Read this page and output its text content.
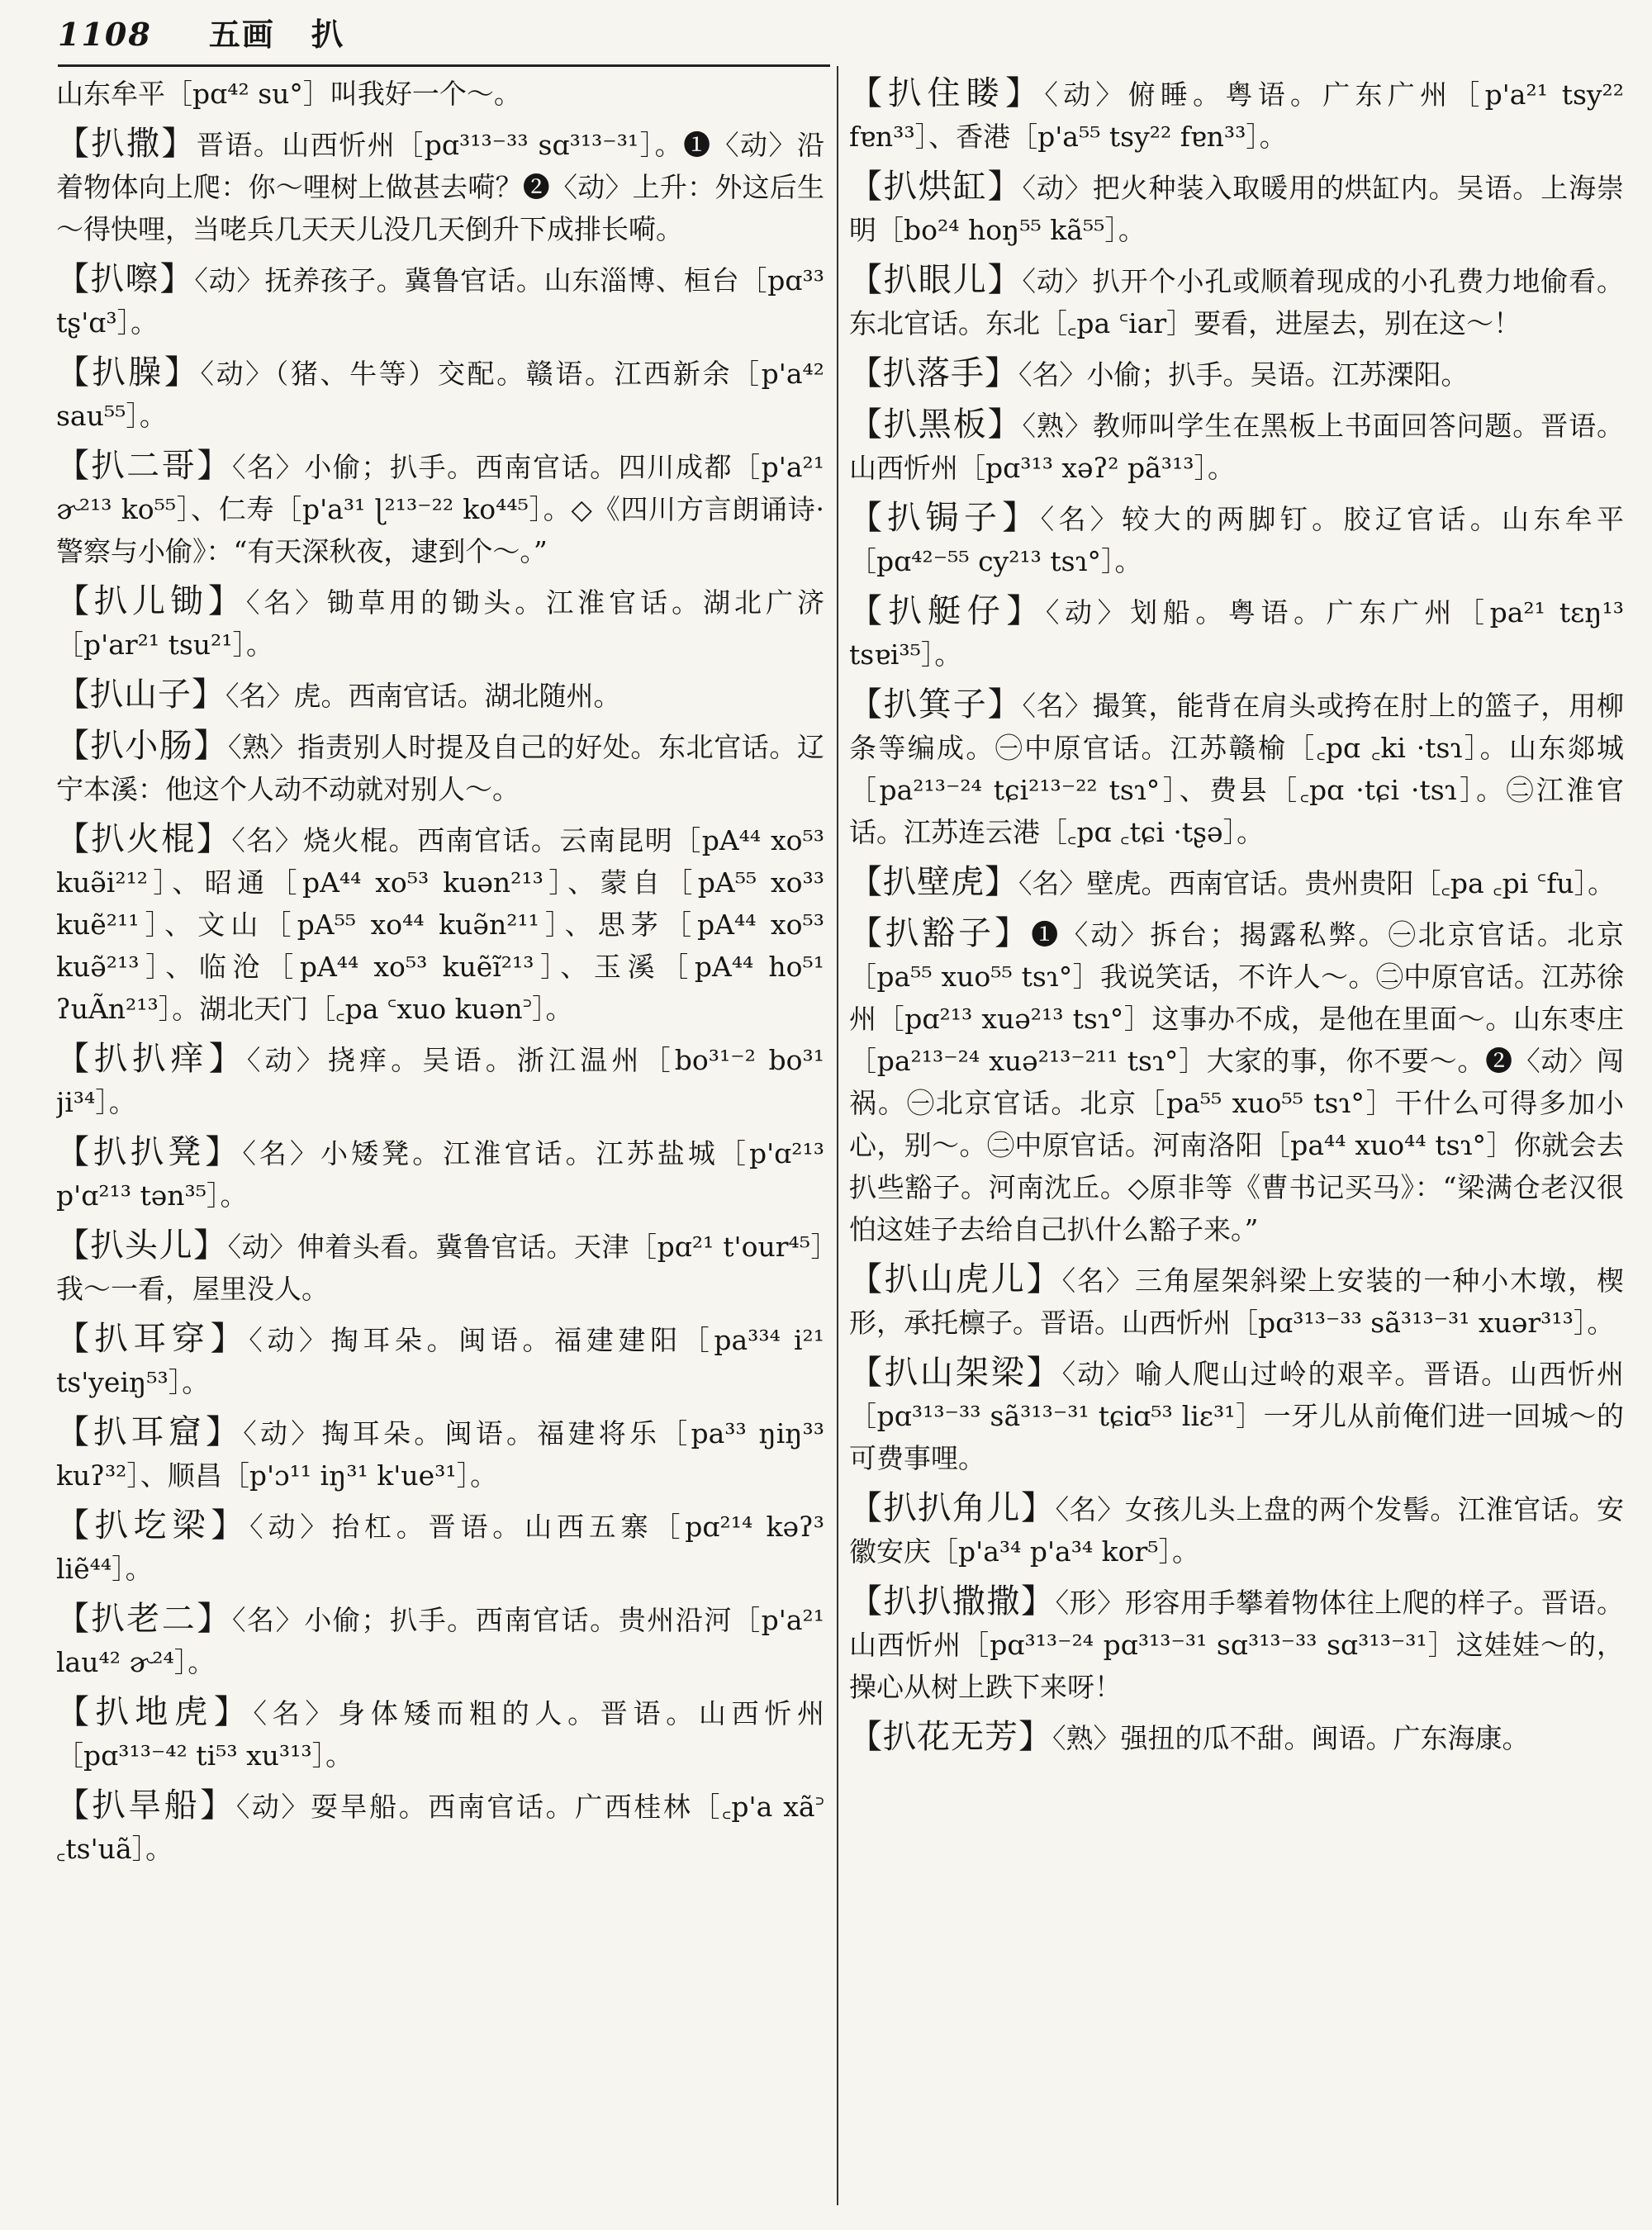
1108 五画 扒
山东牟平［pɑ⁴² su°］叫我好一个～。
【扒撒】晋语。山西忻州［pɑ³¹³⁻³³ sɑ³¹³⁻³¹］。❶〈动〉沿着物体向上爬：你～哩树上做甚去嗬？❷〈动〉上升：外这后生～得快哩，当咾兵几天天儿没几天倒升下成排长嗬。
【扒嚓】〈动〉抚养孩子。冀鲁官话。山东淄博、桓台［pɑ³³ tʂ'ɑ³］。
【扒臊】〈动〉（猪、牛等）交配。赣语。江西新余［p'a⁴² sau⁵⁵］。
【扒二哥】〈名〉小偷；扒手。西南官话。四川成都［p'a²¹ ɚ²¹³ ko⁵⁵］、仁寿［p'a³¹ ɭ²¹³⁻²² ko⁴⁴⁵］。◇《四川方言朗诵诗·警察与小偷》：“有天深秋夜，逮到个～。”
【扒儿锄】〈名〉锄草用的锄头。江淮官话。湖北广济［p'ar²¹ tsu²¹］。
【扒山子】〈名〉虎。西南官话。湖北随州。
【扒小肠】〈熟〉指责别人时提及自己的好处。东北官话。辽宁本溪：他这个人动不动就对别人～。
【扒火棍】〈名〉烧火棍。西南官话。云南昆明［pA⁴⁴ xo⁵³ kuə̃i²¹²］、昭通［pA⁴⁴ xo⁵³ kuən²¹³］、蒙自［pA⁵⁵ xo³³ kuẽ²¹¹］、文山［pA⁵⁵ xo⁴⁴ kuə̃n²¹¹］、思茅［pA⁴⁴ xo⁵³ kuə̃²¹³］、临沧［pA⁴⁴ xo⁵³ kuẽĩ²¹³］、玉溪［pA⁴⁴ ho⁵¹ ʔuÃn²¹³］。湖北天门［꜀pa ꜂xuo kuən꜄］。
【扒扒痒】〈动〉挠痒。吴语。浙江温州［bo³¹⁻² bo³¹ ji³⁴］。
【扒扒凳】〈名〉小矮凳。江淮官话。江苏盐城［p'ɑ²¹³ p'ɑ²¹³ tən³⁵］。
【扒头儿】〈动〉伸着头看。冀鲁官话。天津［pɑ²¹ t'our⁴⁵］我～一看，屋里没人。
【扒耳穿】〈动〉掏耳朵。闽语。福建建阳［pa³³⁴ i²¹ ts'yeiŋ⁵³］。
【扒耳窟】〈动〉掏耳朵。闽语。福建将乐［pa³³ ŋiŋ³³ kuʔ³²］、顺昌［p'ɔ¹¹ iŋ³¹ k'ue³¹］。
【扒圪梁】〈动〉抬杠。晋语。山西五寨［pɑ²¹⁴ kəʔ³ liẽ⁴⁴］。
【扒老二】〈名〉小偷；扒手。西南官话。贵州沿河［p'a²¹ lau⁴² ɚ²⁴］。
【扒地虎】〈名〉身体矮而粗的人。晋语。山西忻州［pɑ³¹³⁻⁴² ti⁵³ xu³¹³］。
【扒旱船】〈动〉耍旱船。西南官话。广西桂林［꜀p'a xã꜄ ꜀ts'uã］。
【扒住䁖】〈动〉俯睡。粤语。广东广州［p'a²¹ tsy²² fɐn³³］、香港［p'a⁵⁵ tsy²² fɐn³³］。
【扒烘缸】〈动〉把火种装入取暖用的烘缸内。吴语。上海崇明［bo²⁴ hoŋ⁵⁵ kã⁵⁵］。
【扒眼儿】〈动〉扒开个小孔或顺着现成的小孔费力地偷看。东北官话。东北［꜀pa ꜂iar］要看，进屋去，别在这～！
【扒落手】〈名〉小偷；扒手。吴语。江苏溧阳。
【扒黑板】〈熟〉教师叫学生在黑板上书面回答问题。晋语。山西忻州［pɑ³¹³ xəʔ² pã³¹³］。
【扒锔子】〈名〉较大的两脚钉。胶辽官话。山东牟平［pɑ⁴²⁻⁵⁵ cy²¹³ tsɿ°］。
【扒艇仔】〈动〉划船。粤语。广东广州［pa²¹ tɛŋ¹³ tsɐi³⁵］。
【扒箕子】〈名〉撮箕，能背在肩头或挎在肘上的篮子，用柳条等编成。㊀中原官话。江苏赣榆［꜀pɑ ꜀ki ·tsɿ］。山东郯城［pa²¹³⁻²⁴ tɕi²¹³⁻²² tsɿ°］、费县［꜀pɑ ·tɕi ·tsɿ］。㊁江淮官话。江苏连云港［꜀pɑ ꜀tɕi ·tʂə］。
【扒壁虎】〈名〉壁虎。西南官话。贵州贵阳［꜀pa ꜀pi ꜂fu］。
【扒豁子】❶〈动〉拆台；揭露私弊。㊀北京官话。北京［pa⁵⁵ xuo⁵⁵ tsɿ°］我说笑话，不许人～。㊁中原官话。江苏徐州［pɑ²¹³ xuə²¹³ tsɿ°］这事办不成，是他在里面～。山东枣庄［pa²¹³⁻²⁴ xuə²¹³⁻²¹¹ tsɿ°］大家的事，你不要～。❷〈动〉闯祸。㊀北京官话。北京［pa⁵⁵ xuo⁵⁵ tsɿ°］干什么可得多加小心，别～。㊁中原官话。河南洛阳［pa⁴⁴ xuo⁴⁴ tsɿ°］你就会去扒些豁子。河南沈丘。◇原非等《曹书记买马》：“梁满仓老汉很怕这娃子去给自己扒什么豁子来。”
【扒山虎儿】〈名〉三角屋架斜梁上安装的一种小木墩，楔形，承托檩子。晋语。山西忻州［pɑ³¹³⁻³³ sã³¹³⁻³¹ xuər³¹³］。
【扒山架梁】〈动〉喻人爬山过岭的艰辛。晋语。山西忻州［pɑ³¹³⁻³³ sã³¹³⁻³¹ tɕiɑ⁵³ liɛ³¹］一牙儿从前俺们进一回城～的可费事哩。
【扒扒角儿】〈名〉女孩儿头上盘的两个发髻。江淮官话。安徽安庆［p'a³⁴ p'a³⁴ kor⁵］。
【扒扒撒撒】〈形〉形容用手攀着物体往上爬的样子。晋语。山西忻州［pɑ³¹³⁻²⁴ pɑ³¹³⁻³¹ sɑ³¹³⁻³³ sɑ³¹³⁻³¹］这娃娃～的，操心从树上跌下来呀！
【扒花无芳】〈熟〉强扭的瓜不甜。闽语。广东海康。
